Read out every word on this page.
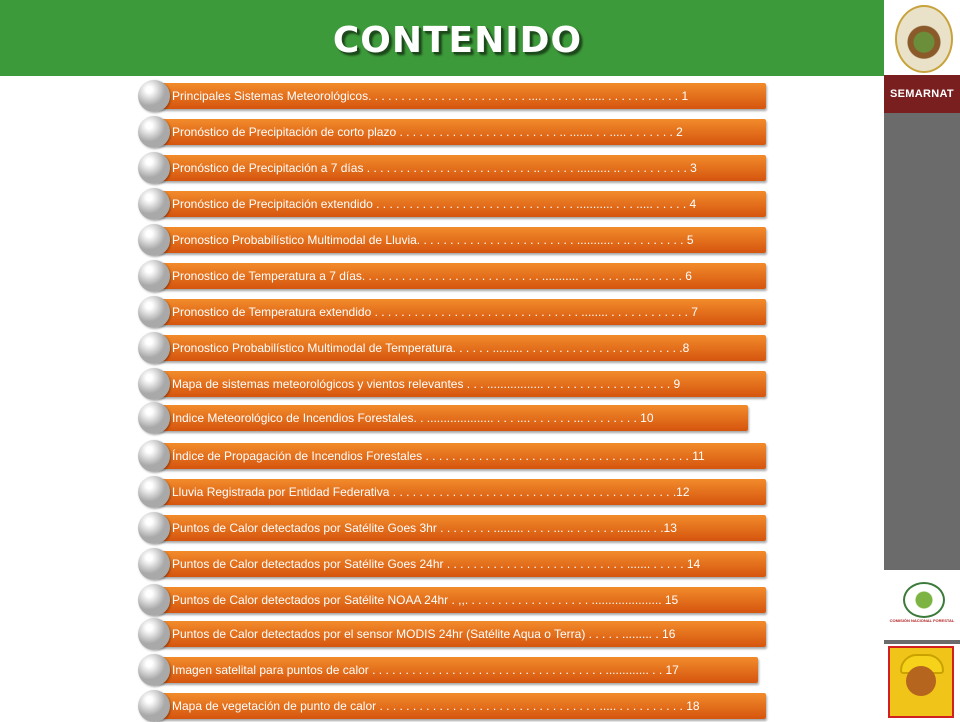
CONTENIDO
SEMARNAT
COMISIÓN NACIONAL FORESTAL
Principales Sistemas Meteorológicos. . . . . . . . . . . . . . . . . . . . . . . . .... . . . . . . ...... . . . . . . . . . . . 1
Pronóstico de Precipitación de corto plazo . . . . . . . . . . . . . . . . . . . . . . . . .. ....... . . ..... . . . . . . . 2
Pronóstico de Precipitación a 7 días . . . . . . . . . . . . . . . . . . . . . . . . . .. . . . . . .......... .. . . . . . . . . . . 3
Pronóstico de Precipitación extendido . . . . . . . . . . . . . . . . . . . . . . . . . . . . . . ........... . . . ..... . . . . . 4
Pronostico Probabilístico Multimodal de Lluvia. . . . . . . . . . . . . . . . . . . . . . . . ........... . .. . . . . . . . . 5
Pronostico de Temperatura a 7 días. . . . . . . . . . . . . . . . . . . . . . . . . . . ........... . . . . . . . .... . . . . . . 6
Pronostico de Temperatura extendido . . . . . . . . . . . . . . . . . . . . . . . . . . . . . . . ........ . . . . . . . . . . . . 7
Pronostico Probabilístico Multimodal de Temperatura. . . . . . ......... . . . . . . . . . . . . . . . . . . . . . . . .8
Mapa de sistemas meteorológicos y vientos relevantes . . . ................. . . . . . . . . . . . . . . . . . . . 9
Indice Meteorológico de Incendios Forestales. . .................... . . . .... . . . . . . ... . . . . . . . . 10
Índice de Propagación de Incendios Forestales . . . . . . . . . . . . . . . . . . . . . . . . . . . . . . . . . . . . . . . . 11
Lluvia Registrada por Entidad Federativa . . . . . . . . . . . . . . . . . . . . . . . . . . . . . . . . . . . . . . . . . . .12
Puntos de Calor detectados por Satélite Goes 3hr . . . . . . . . ......... . . . . ... .. . . . . . . .......... . .13
Puntos de Calor detectados por Satélite Goes 24hr . . . . . . . . . . . . . . . . . . . . . . . . . . . ....... . . . . . 14
Puntos de Calor detectados por Satélite NOAA 24hr . ,,. . . . . . . . . . . . . . . . . . . ..................... 15
Puntos de Calor detectados por el sensor MODIS 24hr (Satélite Aqua o Terra) . . . . . ......... . 16
Imagen satelital para puntos de calor . . . . . . . . . . . . . . . . . . . . . . . . . . . . . . . . . . . ............. . . 17
Mapa de vegetación de punto de calor . . . . . . . . . . . . . . . . . . . . . . . . . . . . . . . . . ..... . . . . . . . . . . 18
